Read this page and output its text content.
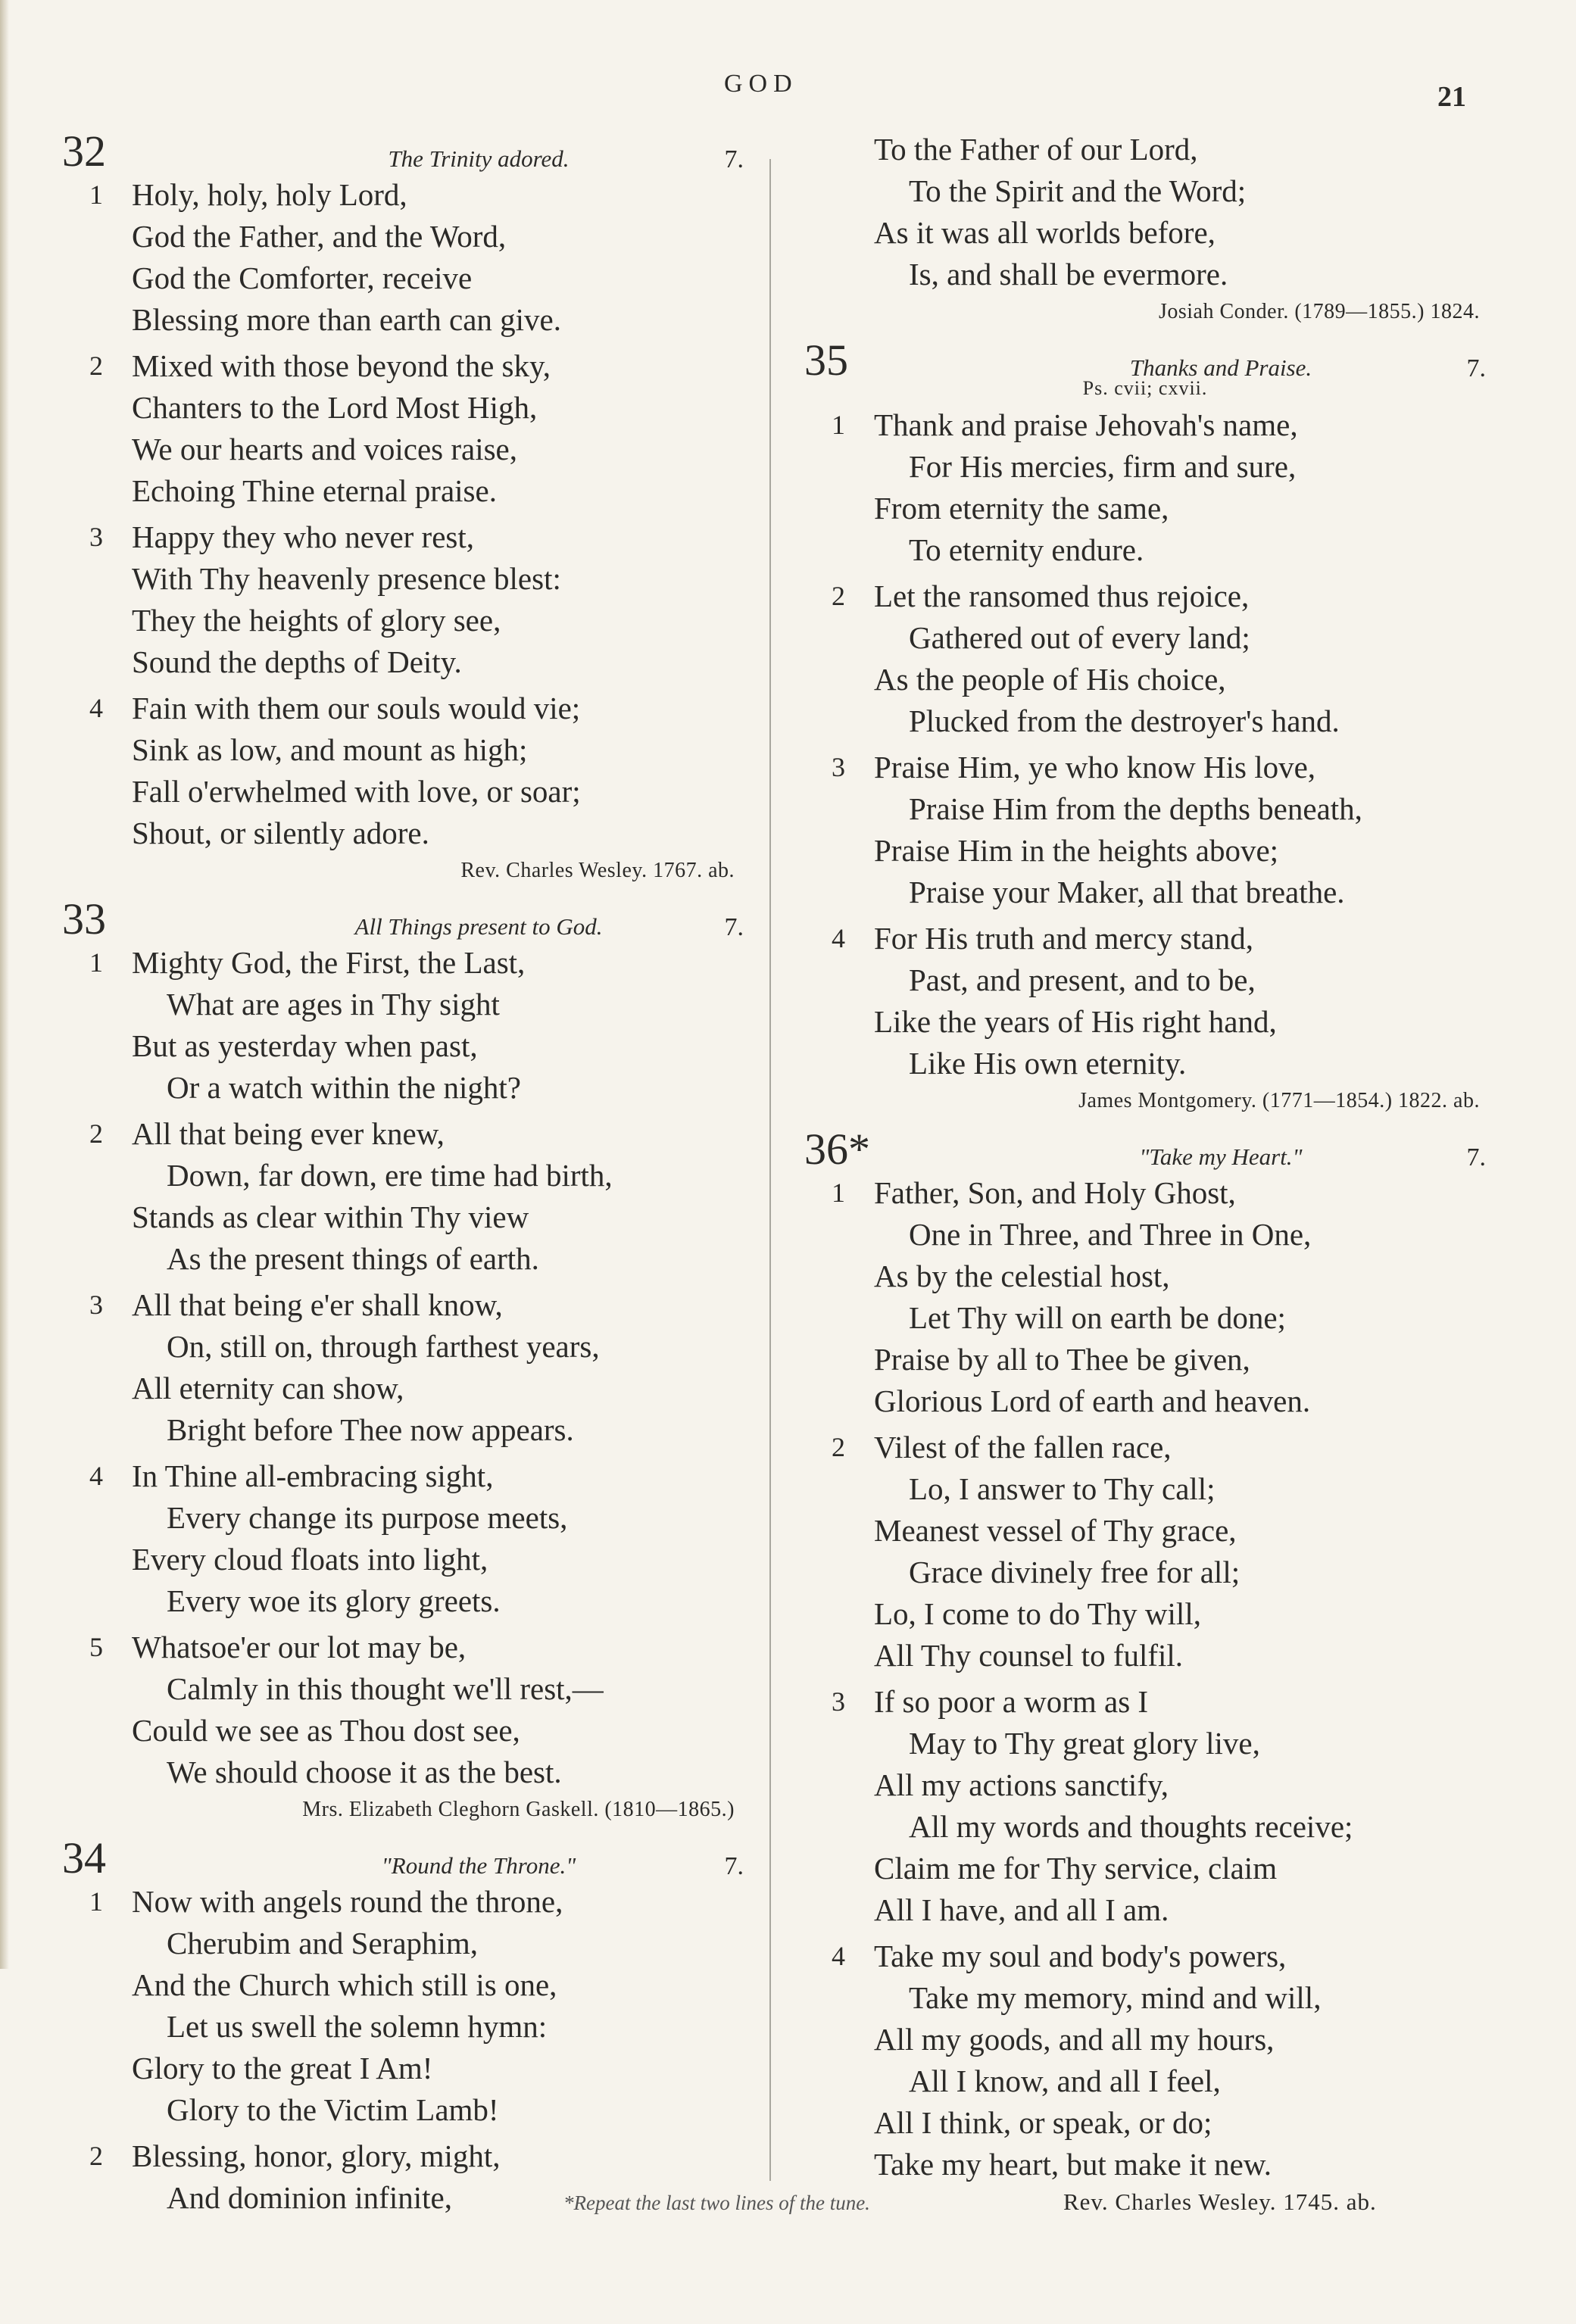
GOD	21
32	The Trinity adored.	7.
1 Holy, holy, holy Lord,
God the Father, and the Word,
God the Comforter, receive
Blessing more than earth can give.
2 Mixed with those beyond the sky,
Chanters to the Lord Most High,
We our hearts and voices raise,
Echoing Thine eternal praise.
3 Happy they who never rest,
With Thy heavenly presence blest:
They the heights of glory see,
Sound the depths of Deity.
4 Fain with them our souls would vie;
Sink as low, and mount as high;
Fall o'erwhelmed with love, or soar;
Shout, or silently adore.
Rev. Charles Wesley. 1767. ab.
33	All Things present to God.	7.
1 Mighty God, the First, the Last,
What are ages in Thy sight
But as yesterday when past,
Or a watch within the night?
2 All that being ever knew,
Down, far down, ere time had birth,
Stands as clear within Thy view
As the present things of earth.
3 All that being e'er shall know,
On, still on, through farthest years,
All eternity can show,
Bright before Thee now appears.
4 In Thine all-embracing sight,
Every change its purpose meets,
Every cloud floats into light,
Every woe its glory greets.
5 Whatsoe'er our lot may be,
Calmly in this thought we'll rest,—
Could we see as Thou dost see,
We should choose it as the best.
Mrs. Elizabeth Cleghorn Gaskell. (1810—1865.)
34	"Round the Throne."	7.
1 Now with angels round the throne,
Cherubim and Seraphim,
And the Church which still is one,
Let us swell the solemn hymn:
Glory to the great I Am!
Glory to the Victim Lamb!
2 Blessing, honor, glory, might,
And dominion infinite,
To the Father of our Lord,
To the Spirit and the Word;
As it was all worlds before,
Is, and shall be evermore.
Josiah Conder. (1789—1855.) 1824.
35	Thanks and Praise.	7.
Ps. cvii; cxvii.
1 Thank and praise Jehovah's name,
For His mercies, firm and sure,
From eternity the same,
To eternity endure.
2 Let the ransomed thus rejoice,
Gathered out of every land;
As the people of His choice,
Plucked from the destroyer's hand.
3 Praise Him, ye who know His love,
Praise Him from the depths beneath,
Praise Him in the heights above;
Praise your Maker, all that breathe.
4 For His truth and mercy stand,
Past, and present, and to be,
Like the years of His right hand,
Like His own eternity.
James Montgomery. (1771—1854.) 1822. ab.
36*	"Take my Heart."	7.
1 Father, Son, and Holy Ghost,
One in Three, and Three in One,
As by the celestial host,
Let Thy will on earth be done;
Praise by all to Thee be given,
Glorious Lord of earth and heaven.
2 Vilest of the fallen race,
Lo, I answer to Thy call;
Meanest vessel of Thy grace,
Grace divinely free for all;
Lo, I come to do Thy will,
All Thy counsel to fulfil.
3 If so poor a worm as I
May to Thy great glory live,
All my actions sanctify,
All my words and thoughts receive;
Claim me for Thy service, claim
All I have, and all I am.
4 Take my soul and body's powers,
Take my memory, mind and will,
All my goods, and all my hours,
All I know, and all I feel,
All I think, or speak, or do;
Take my heart, but make it new.
*Repeat the last two lines of the tune.	Rev. Charles Wesley. 1745. ab.
